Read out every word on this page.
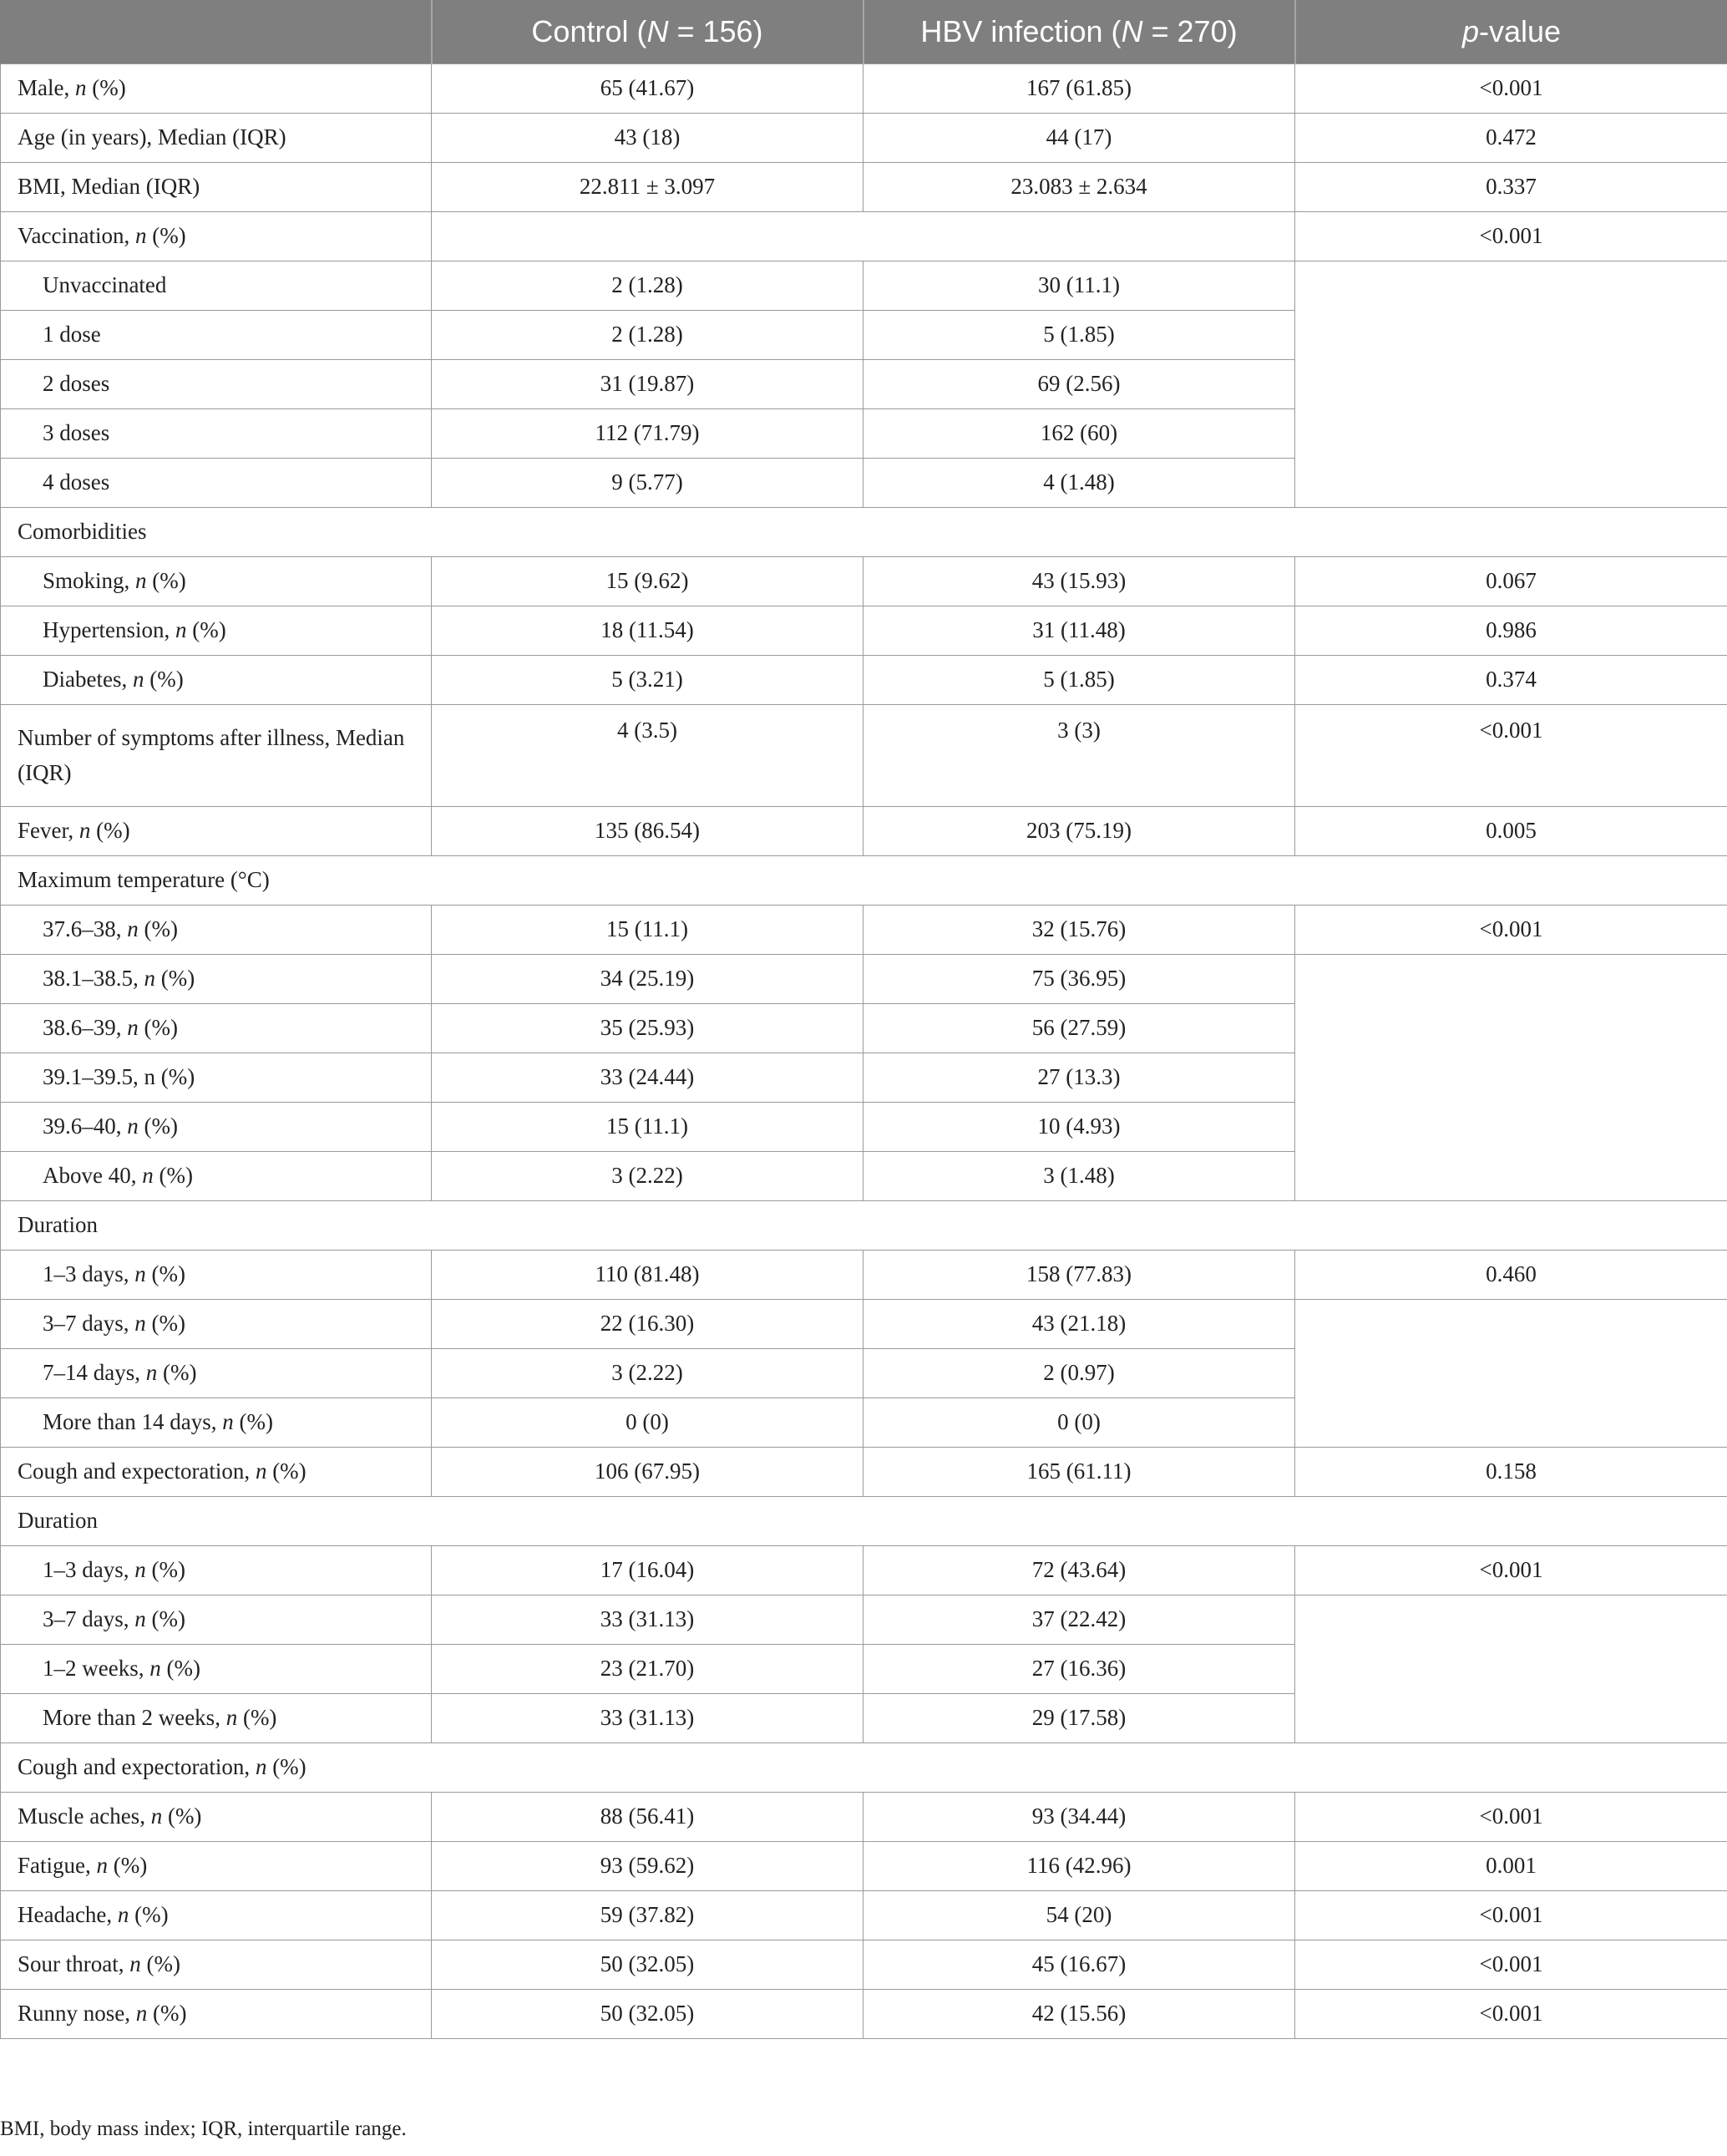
	Control (N = 156)	HBV infection (N = 270)	p-value
Male, n (%)	65 (41.67)	167 (61.85)	<0.001
Age (in years), Median (IQR)	43 (18)	44 (17)	0.472
BMI, Median (IQR)	22.811 ± 3.097	23.083 ± 2.634	0.337
Vaccination, n (%)			<0.001
Unvaccinated	2 (1.28)	30 (11.1)	
1 dose	2 (1.28)	5 (1.85)	
2 doses	31 (19.87)	69 (2.56)	
3 doses	112 (71.79)	162 (60)	
4 doses	9 (5.77)	4 (1.48)	
Comorbidities			
Smoking, n (%)	15 (9.62)	43 (15.93)	0.067
Hypertension, n (%)	18 (11.54)	31 (11.48)	0.986
Diabetes, n (%)	5 (3.21)	5 (1.85)	0.374
Number of symptoms after illness, Median (IQR)	4 (3.5)	3 (3)	<0.001
Fever, n (%)	135 (86.54)	203 (75.19)	0.005
Maximum temperature (°C)			
37.6–38, n (%)	15 (11.1)	32 (15.76)	<0.001
38.1–38.5, n (%)	34 (25.19)	75 (36.95)	
38.6–39, n (%)	35 (25.93)	56 (27.59)	
39.1–39.5, n (%)	33 (24.44)	27 (13.3)	
39.6–40, n (%)	15 (11.1)	10 (4.93)	
Above 40, n (%)	3 (2.22)	3 (1.48)	
Duration			
1–3 days, n (%)	110 (81.48)	158 (77.83)	0.460
3–7 days, n (%)	22 (16.30)	43 (21.18)	
7–14 days, n (%)	3 (2.22)	2 (0.97)	
More than 14 days, n (%)	0 (0)	0 (0)	
Cough and expectoration, n (%)	106 (67.95)	165 (61.11)	0.158
Duration			
1–3 days, n (%)	17 (16.04)	72 (43.64)	<0.001
3–7 days, n (%)	33 (31.13)	37 (22.42)	
1–2 weeks, n (%)	23 (21.70)	27 (16.36)	
More than 2 weeks, n (%)	33 (31.13)	29 (17.58)	
Cough and expectoration, n (%)			
Muscle aches, n (%)	88 (56.41)	93 (34.44)	<0.001
Fatigue, n (%)	93 (59.62)	116 (42.96)	0.001
Headache, n (%)	59 (37.82)	54 (20)	<0.001
Sour throat, n (%)	50 (32.05)	45 (16.67)	<0.001
Runny nose, n (%)	50 (32.05)	42 (15.56)	<0.001
BMI, body mass index; IQR, interquartile range.
